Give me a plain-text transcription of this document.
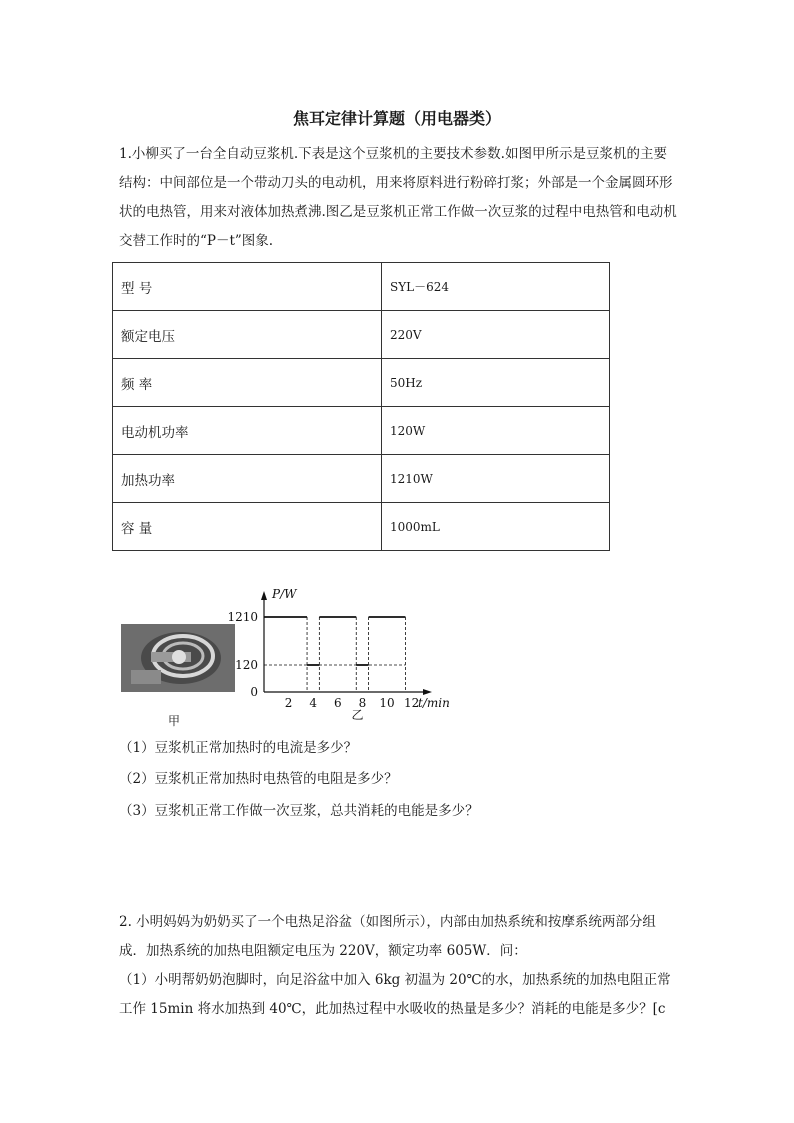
焦耳定律计算题（用电器类）
1.小柳买了一台全自动豆浆机.下表是这个豆浆机的主要技术参数.如图甲所示是豆浆机的主要结构：中间部位是一个带动刀头的电动机，用来将原料进行粉碎打浆；外部是一个金属圆环形状的电热管，用来对液体加热煮沸.图乙是豆浆机正常工作做一次豆浆的过程中电热管和电动机交替工作时的“P－t”图象.
型 号	SYL－624
额定电压	220V
频 率	50Hz
电动机功率	120W
加热功率	1210W
容 量	1000mL
甲
P/W
t/min
0
120
1210
2 4 6 8 10 12
乙
（1）豆浆机正常加热时的电流是多少？
（2）豆浆机正常加热时电热管的电阻是多少？
（3）豆浆机正常工作做一次豆浆，总共消耗的电能是多少？
2. 小明妈妈为奶奶买了一个电热足浴盆（如图所示），内部由加热系统和按摩系统两部分组成．加热系统的加热电阻额定电压为 220V，额定功率 605W．问：
（1）小明帮奶奶泡脚时，向足浴盆中加入 6kg 初温为 20℃的水，加热系统的加热电阻正常工作 15min 将水加热到 40℃，此加热过程中水吸收的热量是多少？消耗的电能是多少？[c
